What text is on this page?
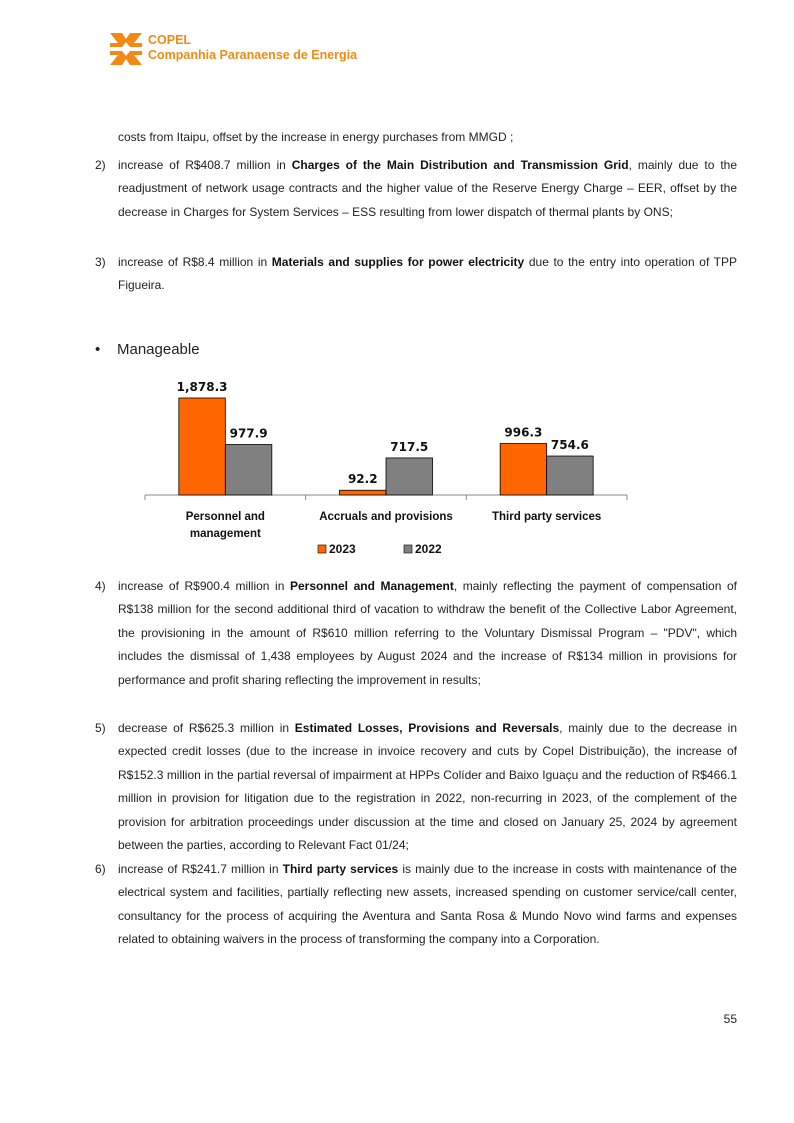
COPEL
Companhia Paranaense de Energia
costs from Itaipu, offset by the increase in energy purchases from MMGD ;
2) increase of R$408.7 million in Charges of the Main Distribution and Transmission Grid, mainly due to the readjustment of network usage contracts and the higher value of the Reserve Energy Charge – EER, offset by the decrease in Charges for System Services – ESS resulting from lower dispatch of thermal plants by ONS;
3) increase of R$8.4 million in Materials and supplies for power electricity due to the entry into operation of TPP Figueira.
• Manageable
1,878.3
977.9
Personnel and
management
92.2
717.5
Accruals and provisions
996.3
754.6
Third party services
2023	2022
4) increase of R$900.4 million in Personnel and Management, mainly reflecting the payment of compensation of R$138 million for the second additional third of vacation to withdraw the benefit of the Collective Labor Agreement, the provisioning in the amount of R$610 million referring to the Voluntary Dismissal Program – "PDV", which includes the dismissal of 1,438 employees by August 2024 and the increase of R$134 million in provisions for performance and profit sharing reflecting the improvement in results;
5) decrease of R$625.3 million in Estimated Losses, Provisions and Reversals, mainly due to the decrease in expected credit losses (due to the increase in invoice recovery and cuts by Copel Distribuição), the increase of R$152.3 million in the partial reversal of impairment at HPPs Colíder and Baixo Iguaçu and the reduction of R$466.1 million in provision for litigation due to the registration in 2022, non-recurring in 2023, of the complement of the provision for arbitration proceedings under discussion at the time and closed on January 25, 2024 by agreement between the parties, according to Relevant Fact 01/24;
6) increase of R$241.7 million in Third party services is mainly due to the increase in costs with maintenance of the electrical system and facilities, partially reflecting new assets, increased spending on customer service/call center, consultancy for the process of acquiring the Aventura and Santa Rosa & Mundo Novo wind farms and expenses related to obtaining waivers in the process of transforming the company into a Corporation.
55
